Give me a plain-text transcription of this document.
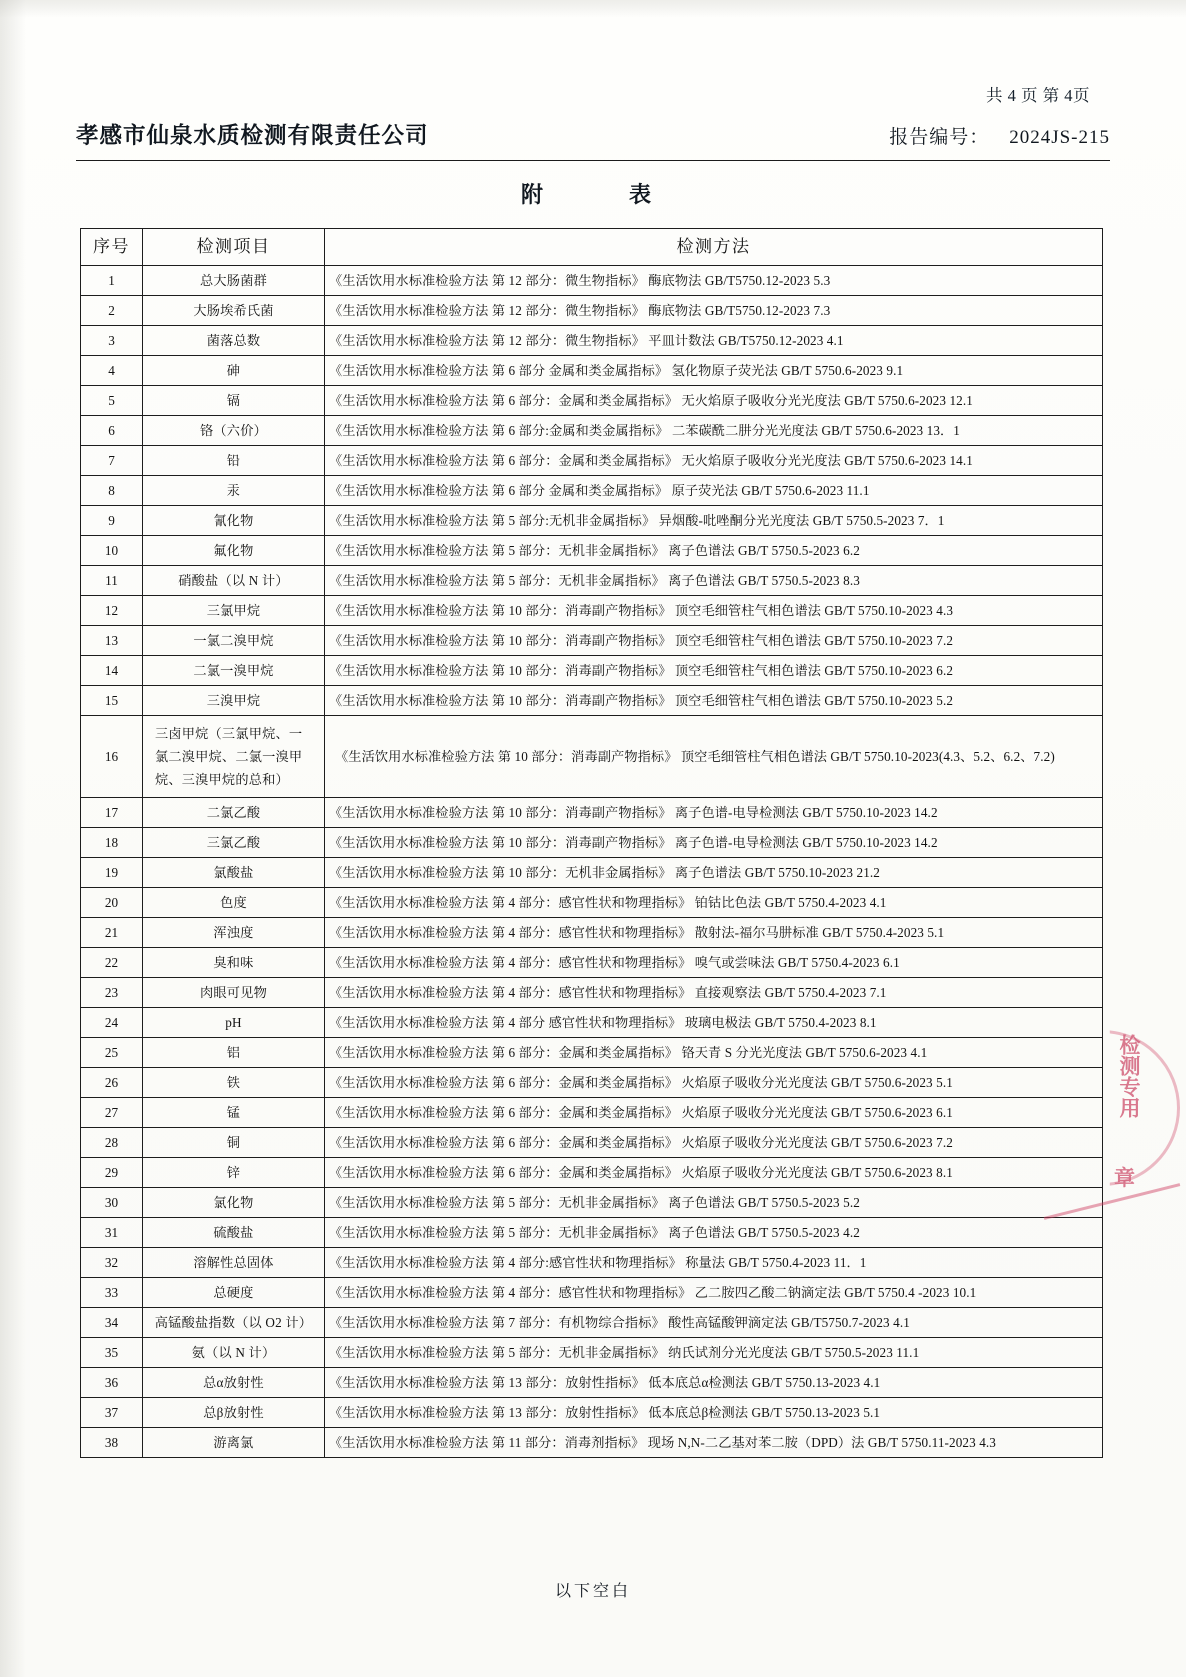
共 4 页 第 4页
孝感市仙泉水质检测有限责任公司	报告编号： 2024JS-215
附　　表
序号	检测项目	检测方法
1	总大肠菌群	《生活饮用水标准检验方法 第 12 部分：微生物指标》 酶底物法 GB/T5750.12-2023 5.3
2	大肠埃希氏菌	《生活饮用水标准检验方法 第 12 部分：微生物指标》 酶底物法 GB/T5750.12-2023 7.3
3	菌落总数	《生活饮用水标准检验方法 第 12 部分：微生物指标》 平皿计数法 GB/T5750.12-2023 4.1
4	砷	《生活饮用水标准检验方法 第 6 部分 金属和类金属指标》 氢化物原子荧光法 GB/T 5750.6-2023 9.1
5	镉	《生活饮用水标准检验方法 第 6 部分：金属和类金属指标》 无火焰原子吸收分光光度法 GB/T 5750.6-2023 12.1
6	铬（六价）	《生活饮用水标准检验方法 第 6 部分:金属和类金属指标》 二苯碳酰二肼分光光度法 GB/T 5750.6-2023 13．1
7	铅	《生活饮用水标准检验方法 第 6 部分：金属和类金属指标》 无火焰原子吸收分光光度法 GB/T 5750.6-2023 14.1
8	汞	《生活饮用水标准检验方法 第 6 部分 金属和类金属指标》 原子荧光法 GB/T 5750.6-2023 11.1
9	氰化物	《生活饮用水标准检验方法 第 5 部分:无机非金属指标》 异烟酸-吡唑酮分光光度法 GB/T 5750.5-2023 7．1
10	氟化物	《生活饮用水标准检验方法 第 5 部分：无机非金属指标》 离子色谱法 GB/T 5750.5-2023 6.2
11	硝酸盐（以 N 计）	《生活饮用水标准检验方法 第 5 部分：无机非金属指标》 离子色谱法 GB/T 5750.5-2023 8.3
12	三氯甲烷	《生活饮用水标准检验方法 第 10 部分：消毒副产物指标》 顶空毛细管柱气相色谱法 GB/T 5750.10-2023 4.3
13	一氯二溴甲烷	《生活饮用水标准检验方法 第 10 部分：消毒副产物指标》 顶空毛细管柱气相色谱法 GB/T 5750.10-2023 7.2
14	二氯一溴甲烷	《生活饮用水标准检验方法 第 10 部分：消毒副产物指标》 顶空毛细管柱气相色谱法 GB/T 5750.10-2023 6.2
15	三溴甲烷	《生活饮用水标准检验方法 第 10 部分：消毒副产物指标》 顶空毛细管柱气相色谱法 GB/T 5750.10-2023 5.2
16	三卤甲烷（三氯甲烷、一氯二溴甲烷、二氯一溴甲烷、三溴甲烷的总和）	《生活饮用水标准检验方法 第 10 部分：消毒副产物指标》 顶空毛细管柱气相色谱法 GB/T 5750.10-2023(4.3、5.2、6.2、7.2)
17	二氯乙酸	《生活饮用水标准检验方法 第 10 部分：消毒副产物指标》 离子色谱-电导检测法 GB/T 5750.10-2023 14.2
18	三氯乙酸	《生活饮用水标准检验方法 第 10 部分：消毒副产物指标》 离子色谱-电导检测法 GB/T 5750.10-2023 14.2
19	氯酸盐	《生活饮用水标准检验方法 第 10 部分：无机非金属指标》 离子色谱法 GB/T 5750.10-2023 21.2
20	色度	《生活饮用水标准检验方法 第 4 部分：感官性状和物理指标》 铂钴比色法 GB/T 5750.4-2023 4.1
21	浑浊度	《生活饮用水标准检验方法 第 4 部分：感官性状和物理指标》 散射法-福尔马肼标准 GB/T 5750.4-2023 5.1
22	臭和味	《生活饮用水标准检验方法 第 4 部分：感官性状和物理指标》 嗅气或尝味法 GB/T 5750.4-2023 6.1
23	肉眼可见物	《生活饮用水标准检验方法 第 4 部分：感官性状和物理指标》 直接观察法 GB/T 5750.4-2023 7.1
24	pH	《生活饮用水标准检验方法 第 4 部分 感官性状和物理指标》 玻璃电极法 GB/T 5750.4-2023 8.1
25	铝	《生活饮用水标准检验方法 第 6 部分：金属和类金属指标》 铬天青 S 分光光度法 GB/T 5750.6-2023 4.1
26	铁	《生活饮用水标准检验方法 第 6 部分：金属和类金属指标》 火焰原子吸收分光光度法 GB/T 5750.6-2023 5.1
27	锰	《生活饮用水标准检验方法 第 6 部分：金属和类金属指标》 火焰原子吸收分光光度法 GB/T 5750.6-2023 6.1
28	铜	《生活饮用水标准检验方法 第 6 部分：金属和类金属指标》 火焰原子吸收分光光度法 GB/T 5750.6-2023 7.2
29	锌	《生活饮用水标准检验方法 第 6 部分：金属和类金属指标》 火焰原子吸收分光光度法 GB/T 5750.6-2023 8.1
30	氯化物	《生活饮用水标准检验方法 第 5 部分：无机非金属指标》 离子色谱法 GB/T 5750.5-2023 5.2
31	硫酸盐	《生活饮用水标准检验方法 第 5 部分：无机非金属指标》 离子色谱法 GB/T 5750.5-2023 4.2
32	溶解性总固体	《生活饮用水标准检验方法 第 4 部分:感官性状和物理指标》 称量法 GB/T 5750.4-2023 11．1
33	总硬度	《生活饮用水标准检验方法 第 4 部分：感官性状和物理指标》 乙二胺四乙酸二钠滴定法 GB/T 5750.4 -2023 10.1
34	高锰酸盐指数（以 O2 计）	《生活饮用水标准检验方法 第 7 部分：有机物综合指标》 酸性高锰酸钾滴定法 GB/T5750.7-2023 4.1
35	氨（以 N 计）	《生活饮用水标准检验方法 第 5 部分：无机非金属指标》 纳氏试剂分光光度法 GB/T 5750.5-2023 11.1
36	总α放射性	《生活饮用水标准检验方法 第 13 部分：放射性指标》 低本底总α检测法 GB/T 5750.13-2023 4.1
37	总β放射性	《生活饮用水标准检验方法 第 13 部分：放射性指标》 低本底总β检测法 GB/T 5750.13-2023 5.1
38	游离氯	《生活饮用水标准检验方法 第 11 部分：消毒剂指标》 现场 N,N-二乙基对苯二胺（DPD）法 GB/T 5750.11-2023 4.3
以下空白
检测专用
章
